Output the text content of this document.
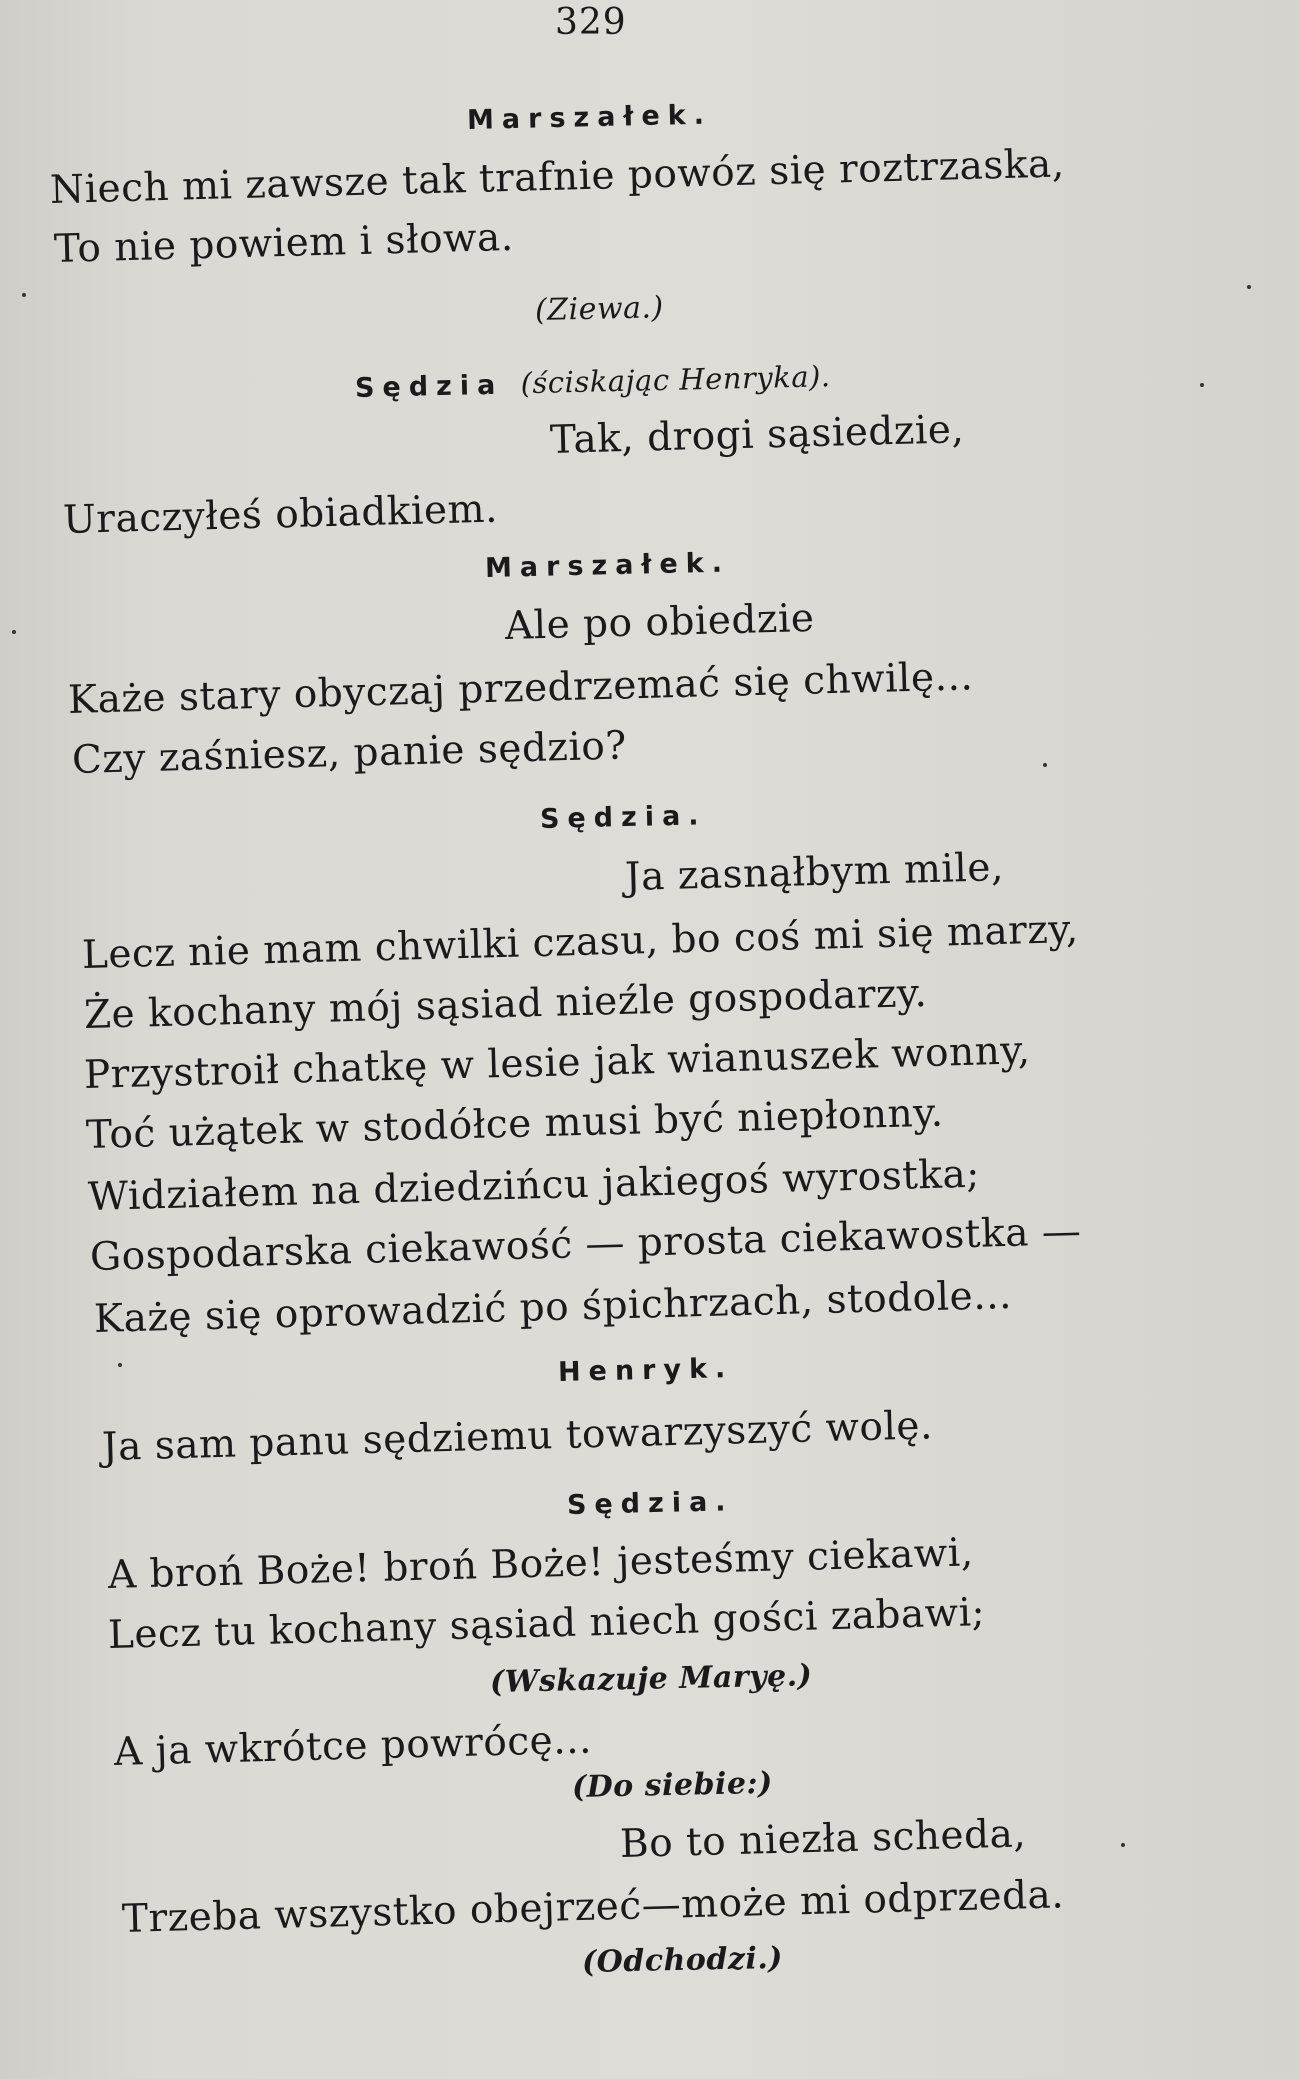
329
Marszałek.
Niech mi zawsze tak trafnie powóz się roztrzaska,
To nie powiem i słowa.
(Ziewa.)
Sędzia (ściskając Henryka).
Tak, drogi sąsiedzie,
Uraczyłeś obiadkiem.
Marszałek.
Ale po obiedzie
Każe stary obyczaj przedrzemać się chwilę...
Czy zaśniesz, panie sędzio?
Sędzia.
Ja zasnąłbym mile,
Lecz nie mam chwilki czasu, bo coś mi się marzy,
Że kochany mój sąsiad nieźle gospodarzy.
Przystroił chatkę w lesie jak wianuszek wonny,
Toć użątek w stodółce musi być niepłonny.
Widziałem na dziedzińcu jakiegoś wyrostka;
Gospodarska ciekawość — prosta ciekawostka —
Każę się oprowadzić po śpichrzach, stodole...
Henryk.
Ja sam panu sędziemu towarzyszyć wolę.
Sędzia.
A broń Boże! broń Boże! jesteśmy ciekawi,
Lecz tu kochany sąsiad niech gości zabawi;
(Wskazuje Maryę.)
A ja wkrótce powrócę...
(Do siebie:)
Bo to niezła scheda,
Trzeba wszystko obejrzeć—może mi odprzeda.
(Odchodzi.)
